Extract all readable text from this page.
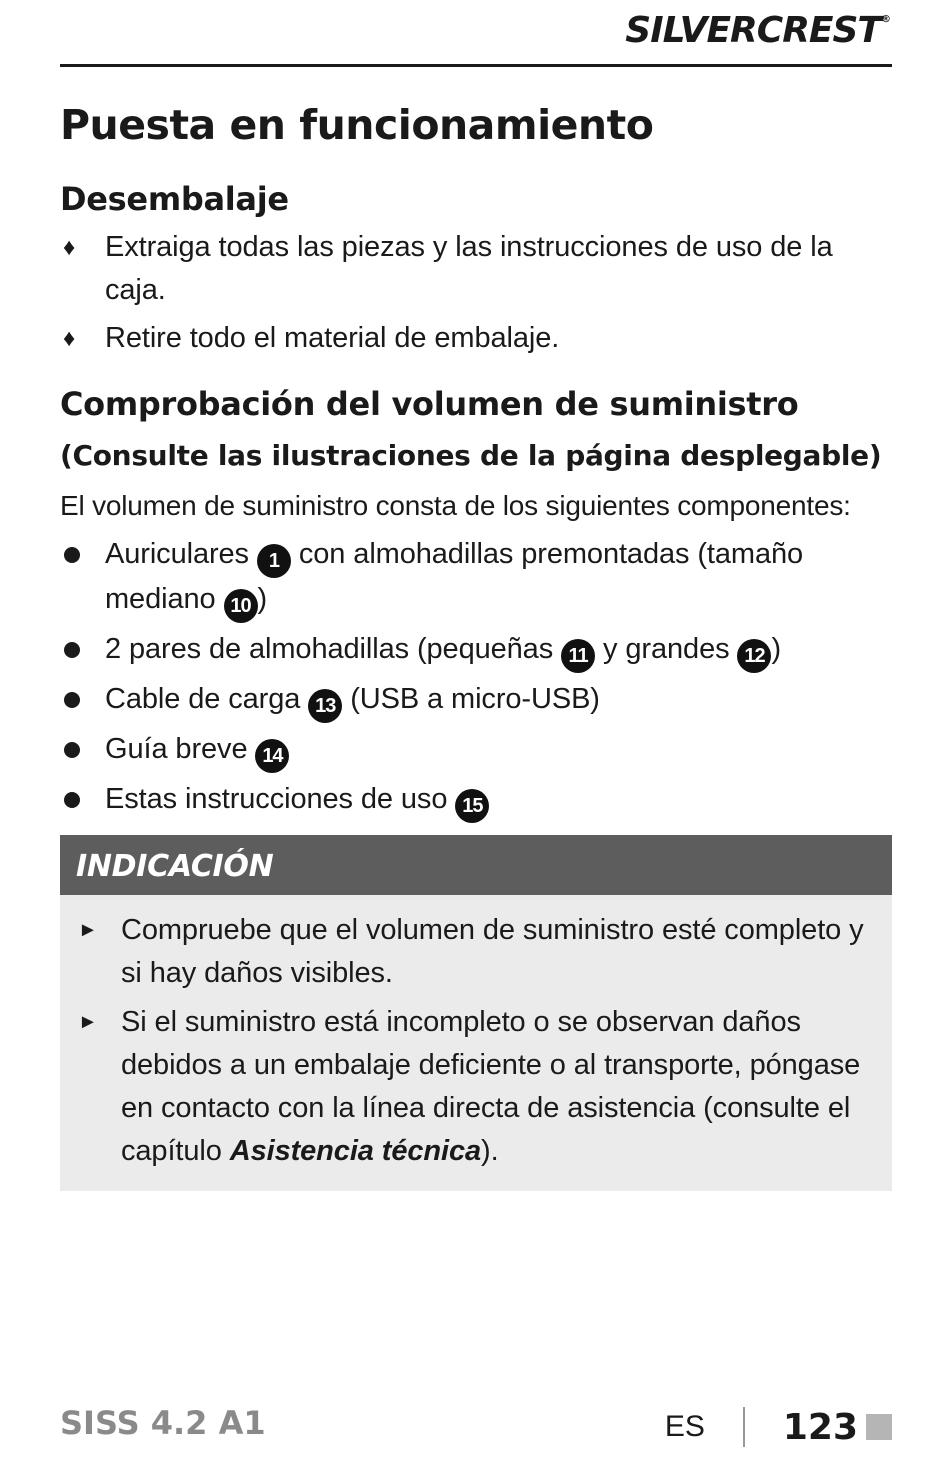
SILVERCREST®
Puesta en funcionamiento
Desembalaje
♦ Extraiga todas las piezas y las instrucciones de uso de la caja.
♦ Retire todo el material de embalaje.
Comprobación del volumen de suministro
(Consulte las ilustraciones de la página desplegable)

El volumen de suministro consta de los siguientes componentes:

Auriculares 1 con almohadillas premontadas (tamaño mediano 10 )
2 pares de almohadillas (pequeñas 11 y grandes 12 )
Cable de carga 13 (USB a micro-USB)
Guía breve 14
Estas instrucciones de uso 15
INDICACIÓN
► Compruebe que el volumen de suministro esté completo y si hay daños visibles.
► Si el suministro está incompleto o se observan daños debidos a un embalaje deficiente o al transporte, póngase en contacto con la línea directa de asistencia (consulte el capítulo Asistencia técnica).
SISS 4.2 A1	ES 123
